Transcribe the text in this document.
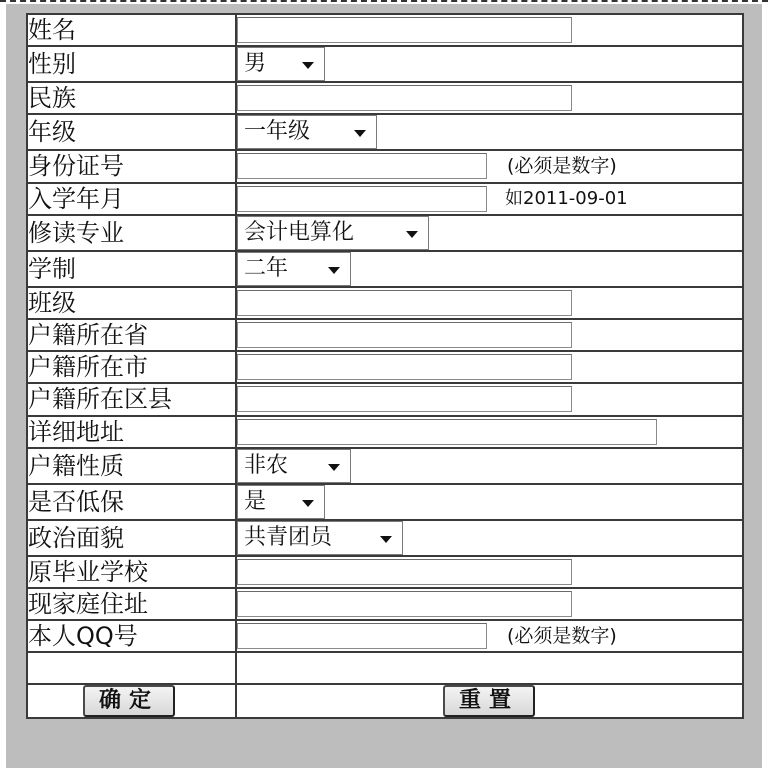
姓名	
性别	男

民族	
年级	一年级

身份证号	(必须是数字)
入学年月	如2011-09-01
修读专业	会计电算化

学制	二年

班级	
户籍所在省	
户籍所在市	
户籍所在区县	
详细地址	
户籍性质	非农

是否低保	是

政治面貌	共青团员

原毕业学校	
现家庭住址	
本人QQ号	(必须是数字)

确定	重置
